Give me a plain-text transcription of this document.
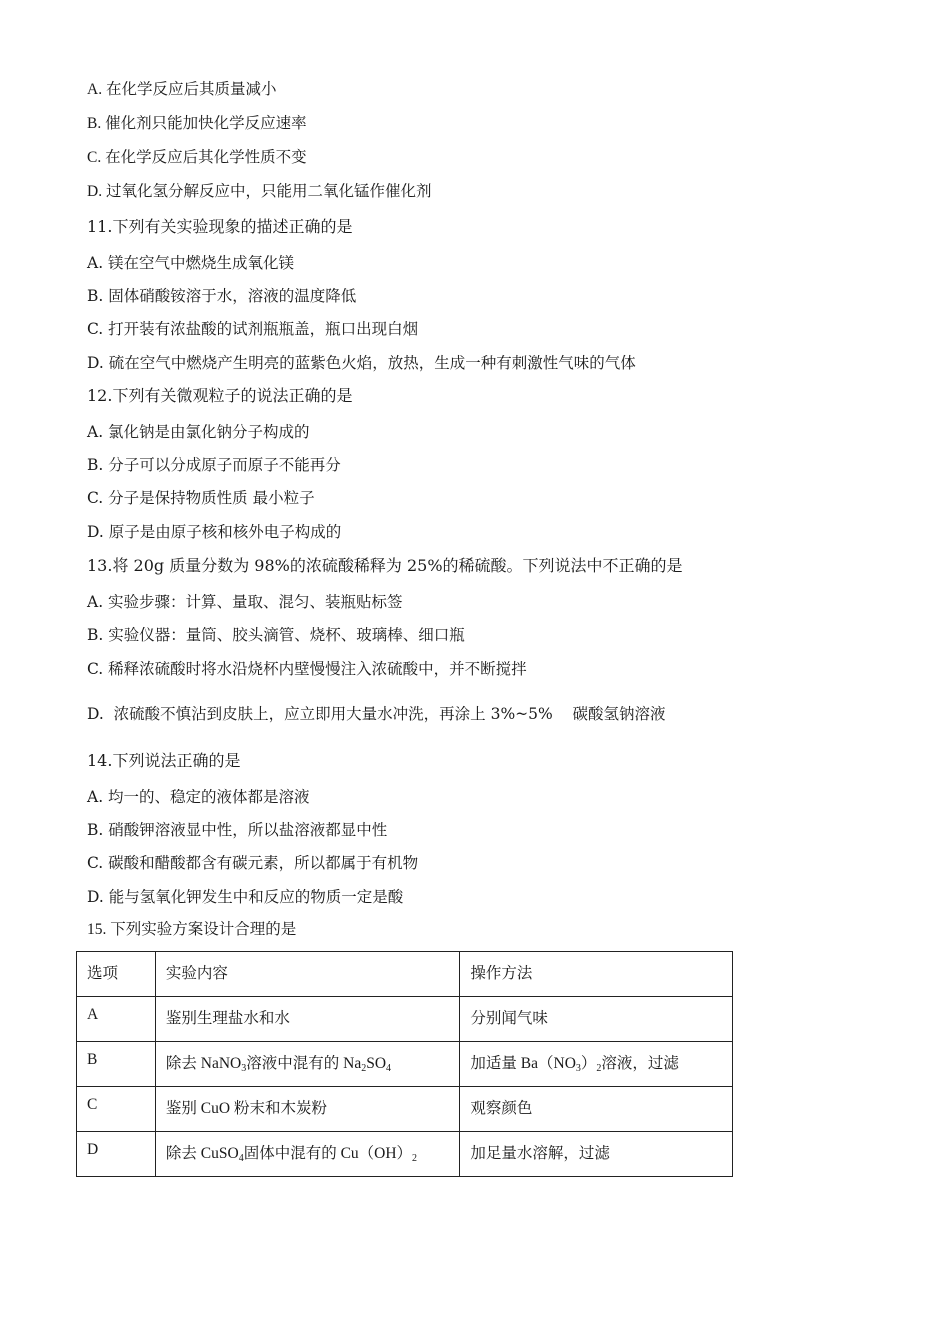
A. 在化学反应后其质量减小
B. 催化剂只能加快化学反应速率
C. 在化学反应后其化学性质不变
D. 过氧化氢分解反应中，只能用二氧化锰作催化剂
11.下列有关实验现象的描述正确的是
A. 镁在空气中燃烧生成氧化镁
B. 固体硝酸铵溶于水，溶液的温度降低
C. 打开装有浓盐酸的试剂瓶瓶盖，瓶口出现白烟
D. 硫在空气中燃烧产生明亮的蓝紫色火焰，放热，生成一种有刺激性气味的气体
12.下列有关微观粒子的说法正确的是
A. 氯化钠是由氯化钠分子构成的
B. 分子可以分成原子而原子不能再分
C. 分子是保持物质性质 最小粒子
D. 原子是由原子核和核外电子构成的
13.将 20g 质量分数为 98%的浓硫酸稀释为 25%的稀硫酸。下列说法中不正确的是
A. 实验步骤：计算、量取、混匀、装瓶贴标签
B. 实验仪器：量筒、胶头滴管、烧杯、玻璃棒、细口瓶
C. 稀释浓硫酸时将水沿烧杯内壁慢慢注入浓硫酸中，并不断搅拌
D.  浓硫酸不慎沾到皮肤上，应立即用大量水冲洗，再涂上 3%~5%    碳酸氢钠溶液
14.下列说法正确的是
A. 均一的、稳定的液体都是溶液
B. 硝酸钾溶液显中性，所以盐溶液都显中性
C. 碳酸和醋酸都含有碳元素，所以都属于有机物
D. 能与氢氧化钾发生中和反应的物质一定是酸
15. 下列实验方案设计合理的是
选项	实验内容	操作方法
A	鉴别生理盐水和水	分别闻气味
B	除去 NaNO$_3$溶液中混有的 $Na_2SO_4$	加适量 $Ba(NO_3)_2$溶液，过滤
C	鉴别 CuO 粉末和木炭粉	观察颜色
D	除去 CuSO$_4$固体中混有的 $Cu(OH)_2$	加足量水溶解，过滤
